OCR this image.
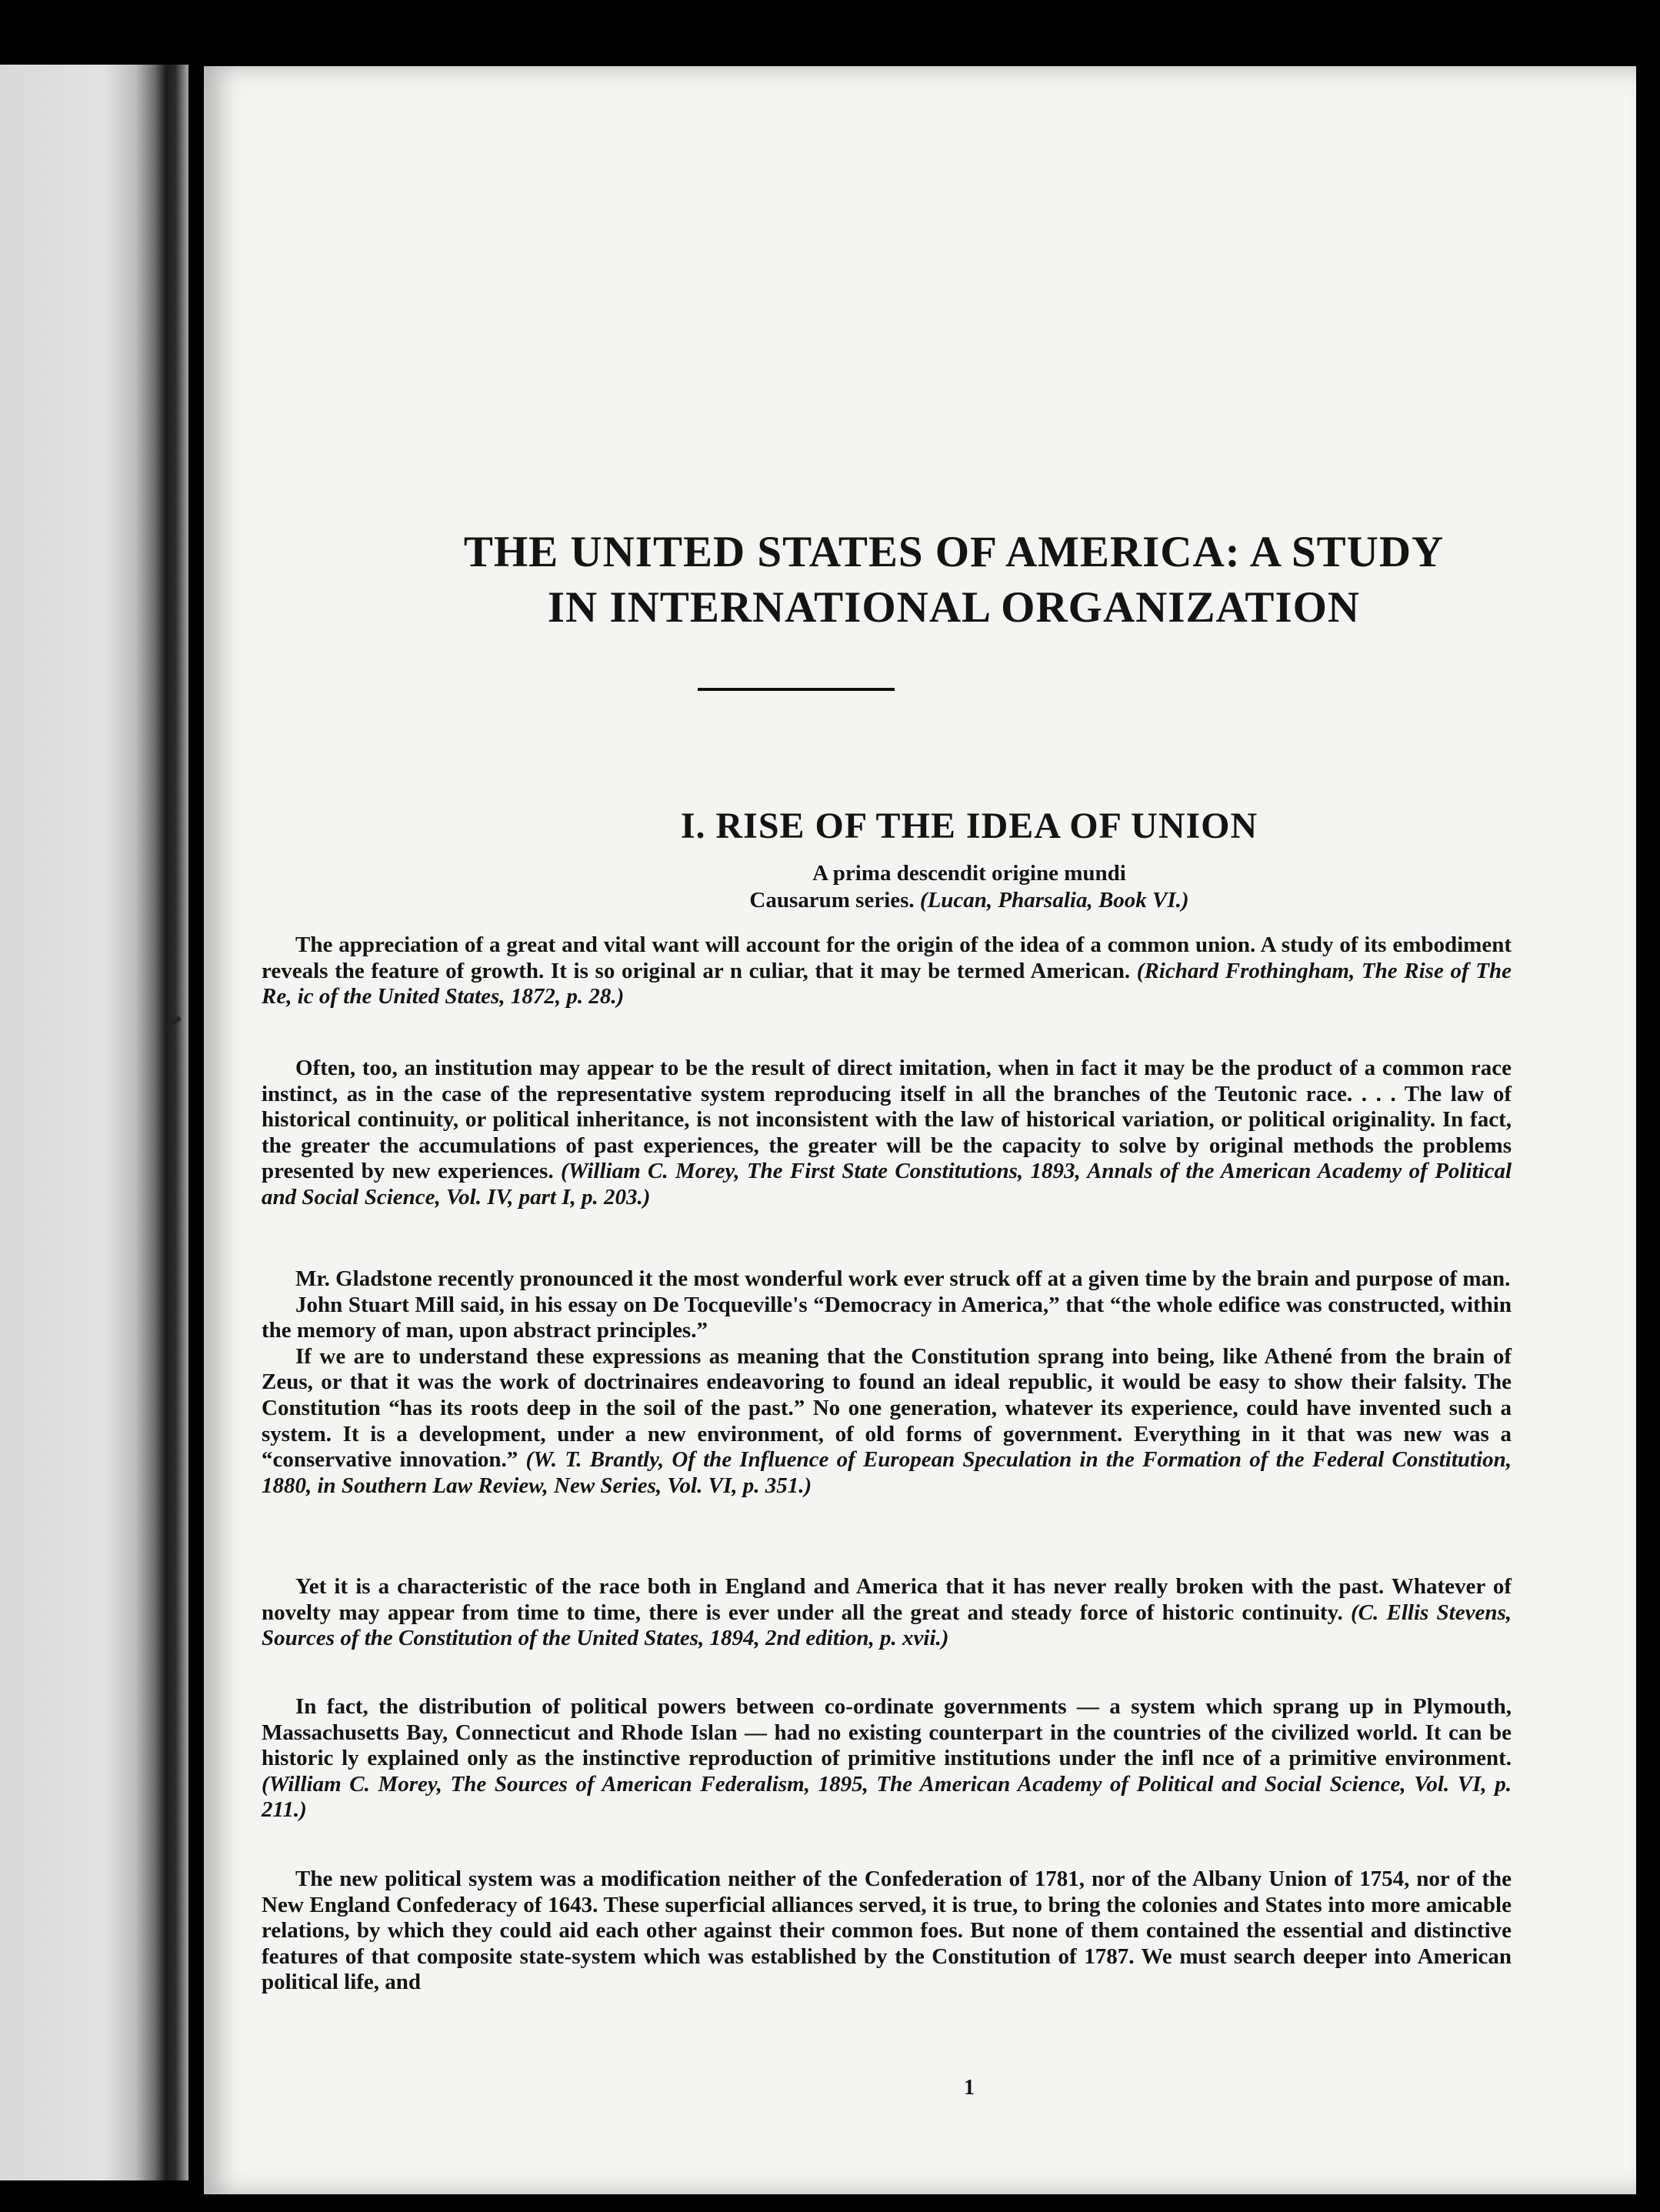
THE UNITED STATES OF AMERICA: A STUDY
IN INTERNATIONAL ORGANIZATION
I. RISE OF THE IDEA OF UNION
A prima descendit origine mundi
Causarum series. (Lucan, Pharsalia, Book VI.)

The appreciation of a great and vital want will account for the origin of the idea of a common union. A study of its embodiment reveals the feature of growth. It is so original ar n culiar, that it may be termed American. (Richard Frothingham, The Rise of The Re, ic of the United States, 1872, p. 28.)

Often, too, an institution may appear to be the result of direct imitation, when in fact it may be the product of a common race instinct, as in the case of the representative system reproducing itself in all the branches of the Teutonic race. . . . The law of historical continuity, or political inheritance, is not inconsistent with the law of historical variation, or political originality. In fact, the greater the accumulations of past experiences, the greater will be the capacity to solve by original methods the problems presented by new experiences. (William C. Morey, The First State Constitutions, 1893, Annals of the American Academy of Political and Social Science, Vol. IV, part I, p. 203.)

Mr. Gladstone recently pronounced it the most wonderful work ever struck off at a given time by the brain and purpose of man.

John Stuart Mill said, in his essay on De Tocqueville's “Democracy in America,” that “the whole edifice was constructed, within the memory of man, upon abstract principles.”

If we are to understand these expressions as meaning that the Constitution sprang into being, like Athené from the brain of Zeus, or that it was the work of doctrinaires endeavoring to found an ideal republic, it would be easy to show their falsity. The Constitution “has its roots deep in the soil of the past.” No one generation, whatever its experience, could have invented such a system. It is a development, under a new environment, of old forms of government. Everything in it that was new was a “conservative innovation.” (W. T. Brantly, Of the Influence of European Speculation in the Formation of the Federal Constitution, 1880, in Southern Law Review, New Series, Vol. VI, p. 351.)

Yet it is a characteristic of the race both in England and America that it has never really broken with the past. Whatever of novelty may appear from time to time, there is ever under all the great and steady force of historic continuity. (C. Ellis Stevens, Sources of the Constitution of the United States, 1894, 2nd edition, p. xvii.)

In fact, the distribution of political powers between co-ordinate governments — a system which sprang up in Plymouth, Massachusetts Bay, Connecticut and Rhode Islan — had no existing counterpart in the countries of the civilized world. It can be historic ly explained only as the instinctive reproduction of primitive institutions under the infl nce of a primitive environment. (William C. Morey, The Sources of American Federalism, 1895, The American Academy of Political and Social Science, Vol. VI, p. 211.)

The new political system was a modification neither of the Confederation of 1781, nor of the Albany Union of 1754, nor of the New England Confederacy of 1643. These superficial alliances served, it is true, to bring the colonies and States into more amicable relations, by which they could aid each other against their common foes. But none of them contained the essential and distinctive features of that composite state-system which was established by the Constitution of 1787. We must search deeper into American political life, and

1
